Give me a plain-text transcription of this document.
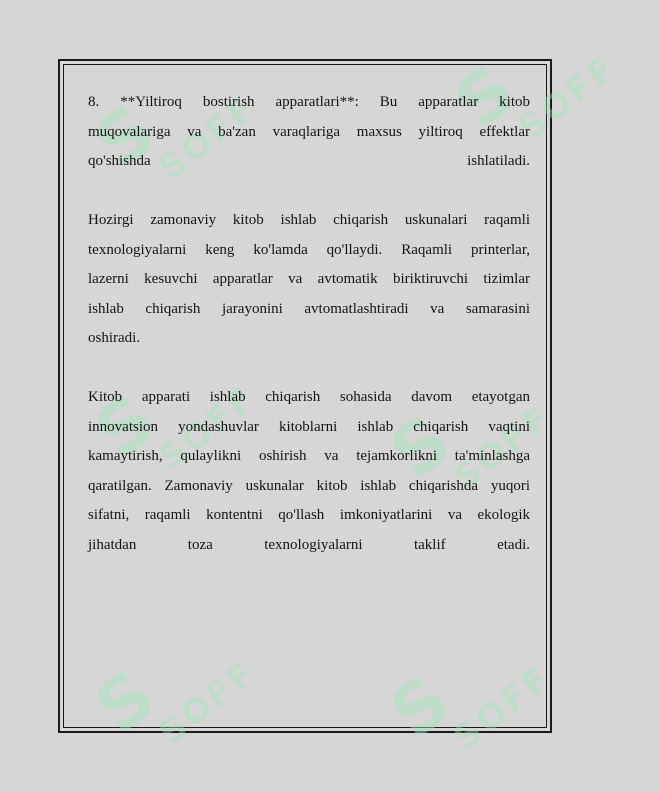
S
SOFF	S
SOFF
S
SOFF S
SOFF
S
SOFF S
SOFF

8. **Yiltiroq bostirish apparatlari**: Bu apparatlar kitob

muqovalariga va ba'zan varaqlariga maxsus yiltiroq effektlar

qo'shishda ishlatiladi.

Hozirgi zamonaviy kitob ishlab chiqarish uskunalari raqamli

texnologiyalarni keng ko'lamda qo'llaydi. Raqamli printerlar,

lazerni kesuvchi apparatlar va avtomatik biriktiruvchi tizimlar

ishlab chiqarish jarayonini avtomatlashtiradi va samarasini

oshiradi.

Kitob apparati ishlab chiqarish sohasida davom etayotgan

innovatsion yondashuvlar kitoblarni ishlab chiqarish vaqtini

kamaytirish, qulaylikni oshirish va tejamkorlikni ta'minlashga

qaratilgan. Zamonaviy uskunalar kitob ishlab chiqarishda yuqori

sifatni, raqamli kontentni qo'llash imkoniyatlarini va ekologik

jihatdan toza texnologiyalarni taklif etadi.
